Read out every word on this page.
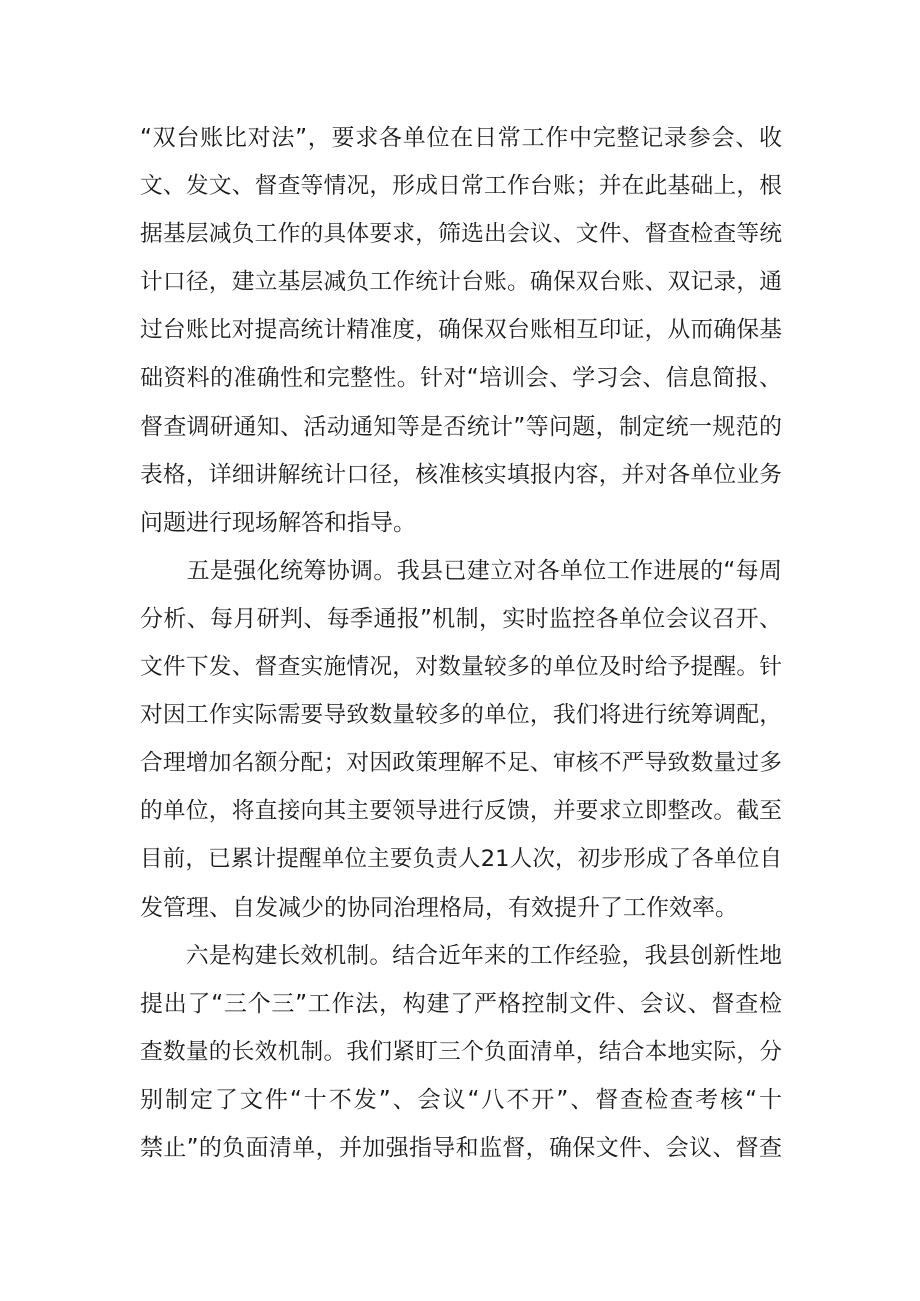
“双台账比对法”，要求各单位在日常工作中完整记录参会、收
文、发文、督查等情况，形成日常工作台账；并在此基础上，根
据基层减负工作的具体要求，筛选出会议、文件、督查检查等统
计口径，建立基层减负工作统计台账。确保双台账、双记录，通
过台账比对提高统计精准度，确保双台账相互印证，从而确保基
础资料的准确性和完整性。针对“培训会、学习会、信息简报、
督查调研通知、活动通知等是否统计”等问题，制定统一规范的
表格，详细讲解统计口径，核准核实填报内容，并对各单位业务
问题进行现场解答和指导。
　　五是强化统筹协调。我县已建立对各单位工作进展的“每周
分析、每月研判、每季通报”机制，实时监控各单位会议召开、
文件下发、督查实施情况，对数量较多的单位及时给予提醒。针
对因工作实际需要导致数量较多的单位，我们将进行统筹调配，
合理增加名额分配；对因政策理解不足、审核不严导致数量过多
的单位，将直接向其主要领导进行反馈，并要求立即整改。截至
目前，已累计提醒单位主要负责人21人次，初步形成了各单位自
发管理、自发减少的协同治理格局，有效提升了工作效率。
　　六是构建长效机制。结合近年来的工作经验，我县创新性地
提出了“三个三”工作法，构建了严格控制文件、会议、督查检
查数量的长效机制。我们紧盯三个负面清单，结合本地实际，分
别制定了文件“十不发”、会议“八不开”、督查检查考核“十
禁止”的负面清单，并加强指导和监督，确保文件、会议、督查
